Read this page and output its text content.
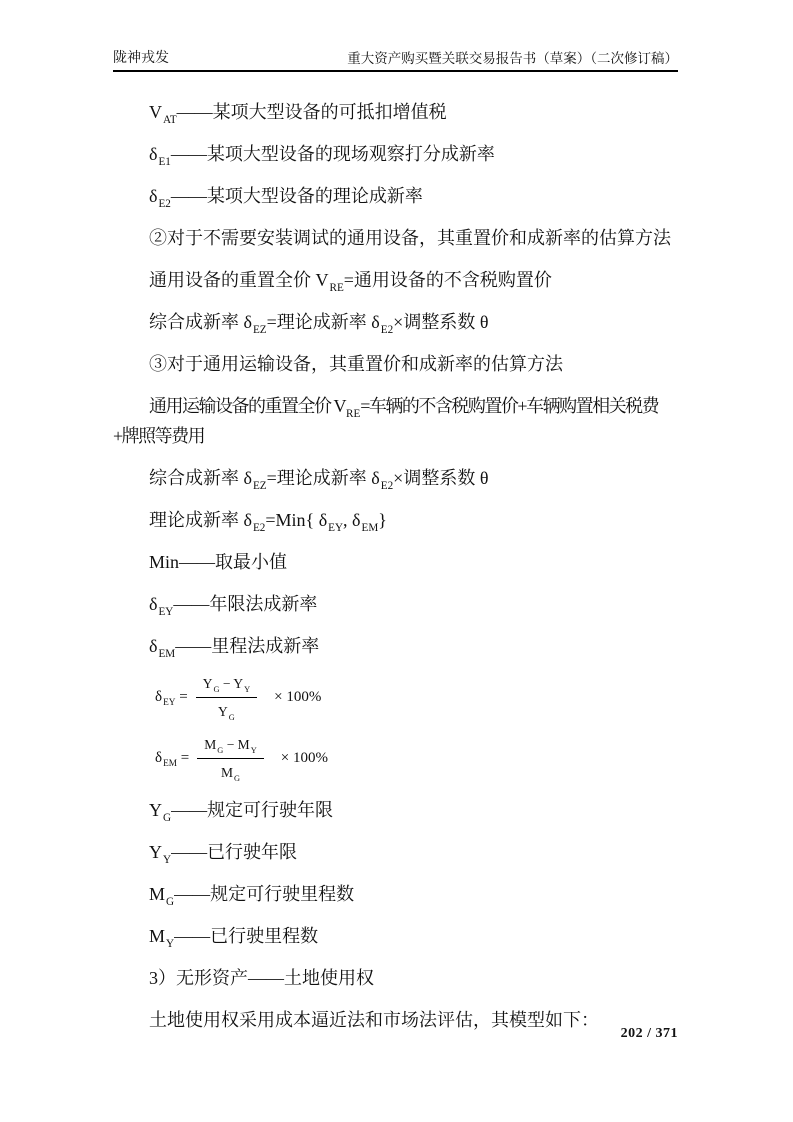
陇神戎发	重大资产购买暨关联交易报告书（草案）（二次修订稿）
$V_{AT}——$某项大型设备的可抵扣增值税
$\delta_{E1}——$某项大型设备的现场观察打分成新率
$\delta_{E2}——$某项大型设备的理论成新率
②对于不需要安装调试的通用设备，其重置价和成新率的估算方法
通用设备的重置全价 $V_{RE}=$通用设备的不含税购置价
综合成新率 $\delta_{EZ}=$理论成新率 $\delta_{E2}\times$调整系数 θ
③对于通用运输设备，其重置价和成新率的估算方法
通用运输设备的重置全价 $V_{RE}=$车辆的不含税购置价+车辆购置相关税费+牌照等费用
综合成新率 $\delta_{EZ}=$理论成新率 $\delta_{E2}\times$调整系数 θ
理论成新率 $\delta_{E2}=Min${ $\delta_{EY}$, $\delta_{EM}$}
Min——取最小值
$\delta_{EY}——$年限法成新率
$\delta_{EM}——$里程法成新率
$\delta_{EY} = \frac{Y_G - Y_Y}{Y_G} \times 100\%$
$\delta_{EM} = \frac{M_G - M_Y}{M_G} \times 100\%$
$Y_G——$规定可行驶年限
$Y_Y——$已行驶年限
$M_G——$规定可行驶里程数
$M_Y——$已行驶里程数
3）无形资产——土地使用权
土地使用权采用成本逼近法和市场法评估，其模型如下：
202 / 371
